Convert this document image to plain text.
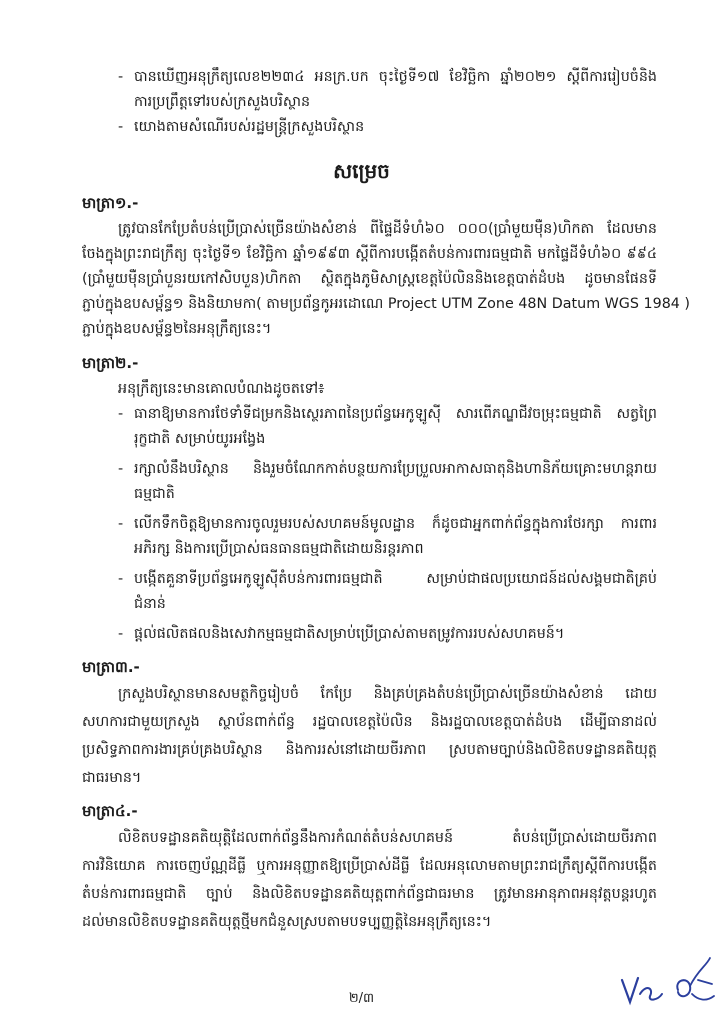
- បានឃើញអនុក្រឹត្យលេខ២២៣៤ អនក្រ.បក ចុះថ្ងៃទី១៧ ខែវិច្ឆិកា ឆ្នាំ២០២១ ស្តីពីការរៀបចំនិង
ការប្រព្រឹត្តទៅរបស់ក្រសួងបរិស្ថាន
- យោងតាមសំណើរបស់រដ្ឋមន្ត្រីក្រសួងបរិស្ថាន
សម្រេច
មាត្រា១.-
ត្រូវបានកែប្រែតំបន់ប្រើប្រាស់ច្រើនយ៉ាងសំខាន់ ពីផ្ទៃដីទំហំ៦០ ០០០(ប្រាំមួយម៉ឺន)ហិកតា ដែលមាន
ចែងក្នុងព្រះរាជក្រឹត្យ ចុះថ្ងៃទី១ ខែវិច្ឆិកា ឆ្នាំ១៩៩៣ ស្តីពីការបង្កើតតំបន់ការពារធម្មជាតិ មកផ្ទៃដីទំហំ៦០ ៩៩៤
(ប្រាំមួយម៉ឺនប្រាំបួនរយកៅសិបបួន)ហិកតា ស្ថិតក្នុងភូមិសាស្ត្រខេត្តប៉ៃលិននិងខេត្តបាត់ដំបង ដូចមានផែនទី
ភ្ជាប់ក្នុងឧបសម្ព័ន្ធ១ និងនិយាមកា( តាមប្រព័ន្ធកូអរដោណេ Project UTM Zone 48N Datum WGS 1984 )
ភ្ជាប់ក្នុងឧបសម្ព័ន្ធ២នៃអនុក្រឹត្យនេះ។
មាត្រា២.-
អនុក្រឹត្យនេះមានគោលបំណងដូចតទៅ៖
- ធានាឱ្យមានការថែទាំទីជម្រកនិងស្ថេរភាពនៃប្រព័ន្ធអេកូឡូស៊ី សារពើភណ្ឌជីវចម្រុះធម្មជាតិ សត្វព្រៃ
រុក្ខជាតិ សម្រាប់យូរអង្វែង
- រក្សាលំនឹងបរិស្ថាន និងរួមចំណែកកាត់បន្ថយការប្រែប្រួលអាកាសធាតុនិងហានិភ័យគ្រោះមហន្តរាយ
ធម្មជាតិ
- លើកទឹកចិត្តឱ្យមានការចូលរួមរបស់សហគមន៍មូលដ្ឋាន ក៏ដូចជាអ្នកពាក់ព័ន្ធក្នុងការថែរក្សា ការពារ
អភិរក្ស និងការប្រើប្រាស់ធនធានធម្មជាតិដោយនិរន្តរភាព
- បង្កើតគួនាទីប្រព័ន្ធអេកូឡូស៊ីតំបន់ការពារធម្មជាតិ សម្រាប់ជាផលប្រយោជន៍ដល់សង្គមជាតិគ្រប់
ជំនាន់
- ផ្តល់ផលិតផលនិងសេវាកម្មធម្មជាតិសម្រាប់ប្រើប្រាស់តាមតម្រូវការរបស់សហគមន៍។
មាត្រា៣.-
ក្រសួងបរិស្ថានមានសមត្ថកិច្ចរៀបចំ កែប្រែ និងគ្រប់គ្រងតំបន់ប្រើប្រាស់ច្រើនយ៉ាងសំខាន់ ដោយ
សហការជាមួយក្រសួង ស្ថាប័នពាក់ព័ន្ធ រដ្ឋបាលខេត្តប៉ៃលិន និងរដ្ឋបាលខេត្តបាត់ដំបង ដើម្បីធានាដល់
ប្រសិទ្ធភាពការងារគ្រប់គ្រងបរិស្ថាន និងការរស់នៅដោយចីរភាព ស្របតាមច្បាប់និងលិខិតបទដ្ឋានគតិយុត្ត
ជាធរមាន។
មាត្រា៤.-
លិខិតបទដ្ឋានគតិយុត្តិដែលពាក់ព័ន្ធនឹងការកំណត់តំបន់សហគមន៍ តំបន់ប្រើប្រាស់ដោយចីរភាព
ការវិនិយោគ ការចេញប័ណ្ណដីធ្លី ឬការអនុញ្ញាតឱ្យប្រើប្រាស់ដីធ្លី ដែលអនុលោមតាមព្រះរាជក្រឹត្យស្តីពីការបង្កើត
តំបន់ការពារធម្មជាតិ ច្បាប់ និងលិខិតបទដ្ឋានគតិយុត្តពាក់ព័ន្ធជាធរមាន ត្រូវមានអានុភាពអនុវត្តបន្តរហូត
ដល់មានលិខិតបទដ្ឋានគតិយុត្តថ្មីមកជំនួសស្របតាមបទប្បញ្ញត្តិនៃអនុក្រឹត្យនេះ។
២/៣
